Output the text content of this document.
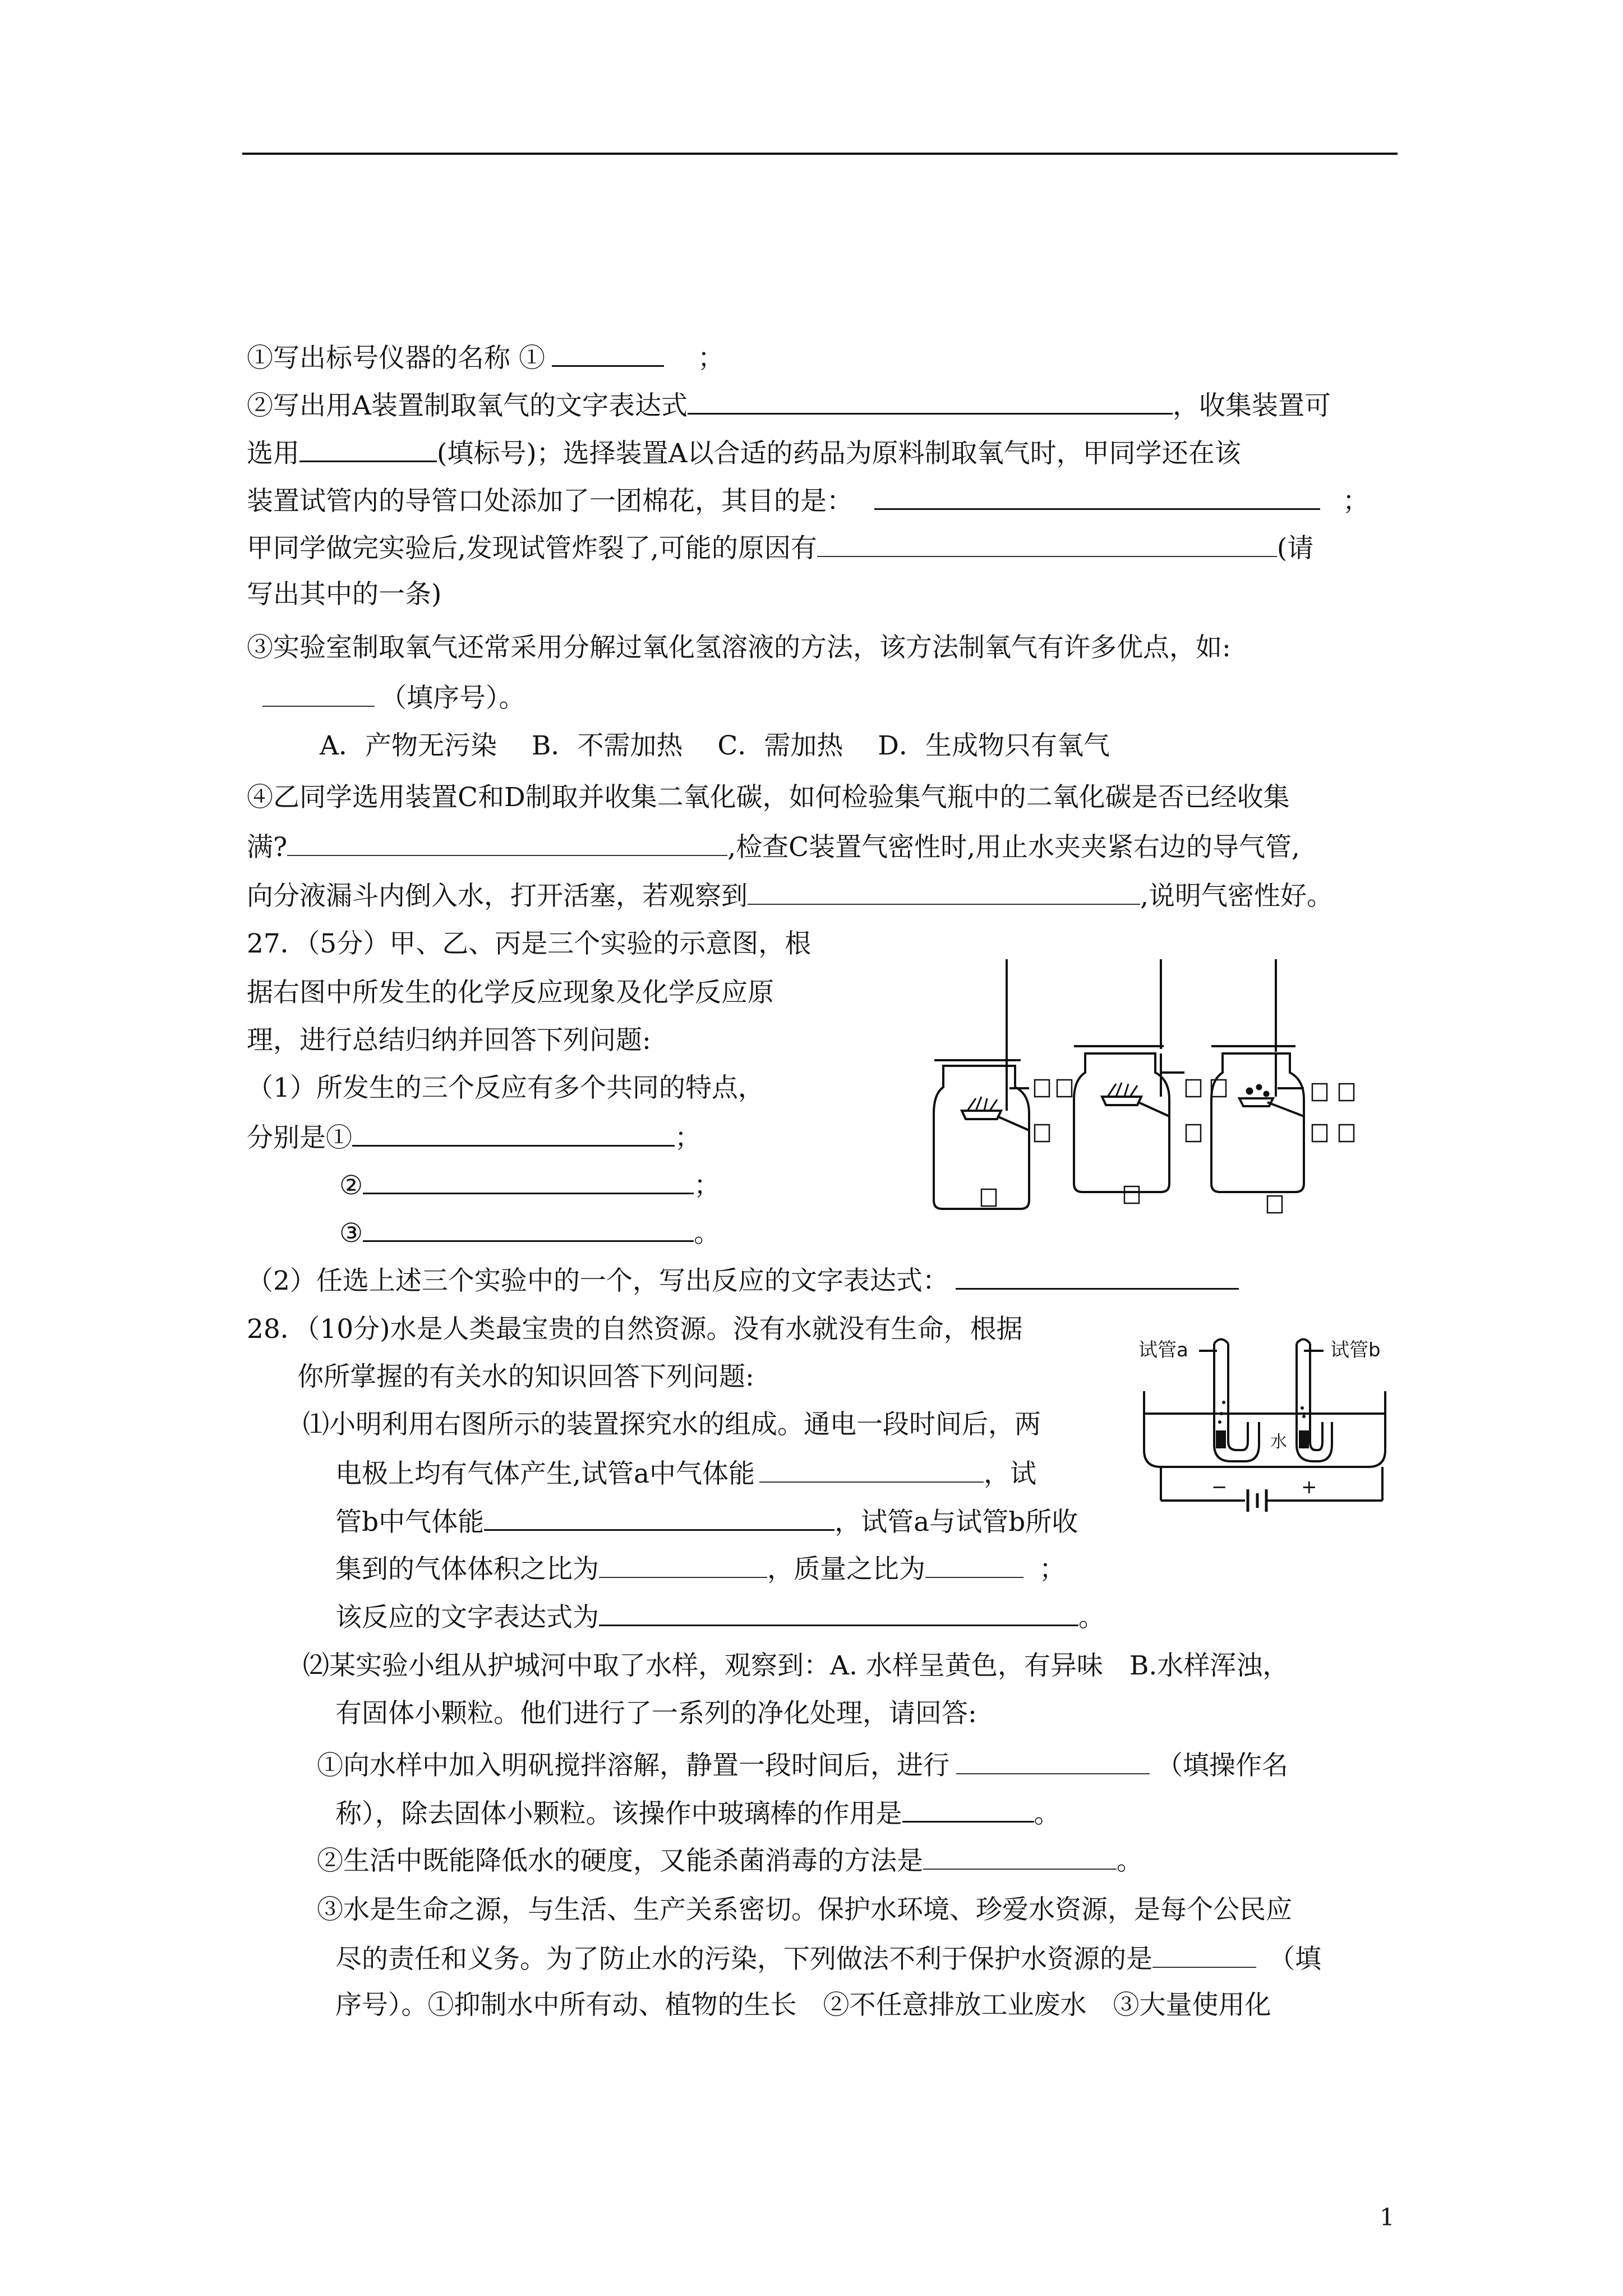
①写出标号仪器的名称 ①	；
②写出用A装置制取氧气的文字表达式	，收集装置可
选用	(填标号)；选择装置A以合适的药品为原料制取氧气时，甲同学还在该
装置试管内的导管口处添加了一团棉花，其目的是：	；
甲同学做完实验后,发现试管炸裂了,可能的原因有	(请
写出其中的一条)
③实验室制取氧气还常采用分解过氧化氢溶液的方法，该方法制氧气有许多优点，如:
（填序号）。
A．产物无污染　 B．不需加热　 C．需加热　 D．生成物只有氧气
④乙同学选用装置C和D制取并收集二氧化碳，如何检验集气瓶中的二氧化碳是否已经收集
满?	,检查C装置气密性时,用止水夹夹紧右边的导气管,
向分液漏斗内倒入水，打开活塞，若观察到	,说明气密性好。
27．（5分）甲、乙、丙是三个实验的示意图，根
据右图中所发生的化学反应现象及化学反应原
理，进行总结归纳并回答下列问题:
（1）所发生的三个反应有多个共同的特点，
分别是①	；
②	；
③	。
（2）任选上述三个实验中的一个，写出反应的文字表达式：
28．（10分)水是人类最宝贵的自然资源。没有水就没有生命，根据
你所掌握的有关水的知识回答下列问题:
⑴小明利用右图所示的装置探究水的组成。通电一段时间后，两
电极上均有气体产生,试管a中气体能	，试
管b中气体能	，试管a与试管b所收
集到的气体体积之比为	，质量之比为	；
该反应的文字表达式为	。
试管a	试管b
水
−	+
⑵某实验小组从护城河中取了水样，观察到：A. 水样呈黄色，有异味　B.水样浑浊，
有固体小颗粒。他们进行了一系列的净化处理，请回答:
①向水样中加入明矾搅拌溶解，静置一段时间后，进行	（填操作名
称），除去固体小颗粒。该操作中玻璃棒的作用是	。
②生活中既能降低水的硬度，又能杀菌消毒的方法是	。
③水是生命之源，与生活、生产关系密切。保护水环境、珍爱水资源，是每个公民应
尽的责任和义务。为了防止水的污染，下列做法不利于保护水资源的是	（填
序号）。①抑制水中所有动、植物的生长　②不任意排放工业废水　③大量使用化
1
